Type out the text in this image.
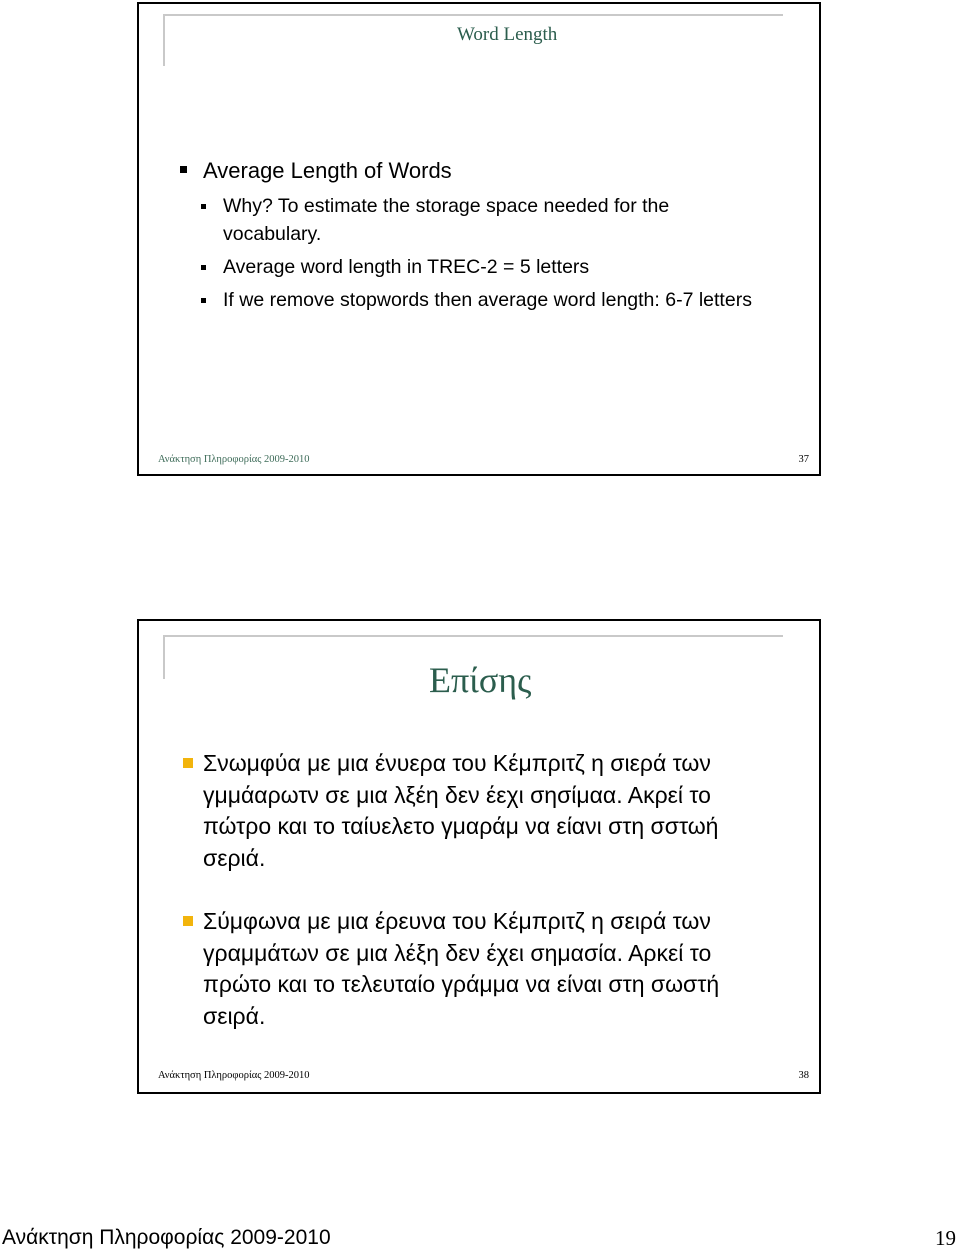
Word Length
Average Length of Words
Why? To estimate the storage space needed for the vocabulary.
Average word length in TREC-2 = 5 letters
If we remove stopwords then average word length: 6-7 letters
Ανάκτηση Πληροφορίας 2009-2010	37
Επίσης
Σνωμφύα με μια ένυερα του Κέμπριτζ η σιερά των γμμάαρωτν σε μια λξέη δεν έεχι σησίμαα. Ακρεί το πώτρο και το ταίυελετο γμαράμ να είανι στη σστωή σεριά.
Σύμφωνα με μια έρευνα του Κέμπριτζ η σειρά των γραμμάτων σε μια λέξη δεν έχει σημασία. Αρκεί το πρώτο και το τελευταίο γράμμα να είναι στη σωστή σειρά.
Ανάκτηση Πληροφορίας 2009-2010	38
Ανάκτηση Πληροφορίας 2009-2010	19
